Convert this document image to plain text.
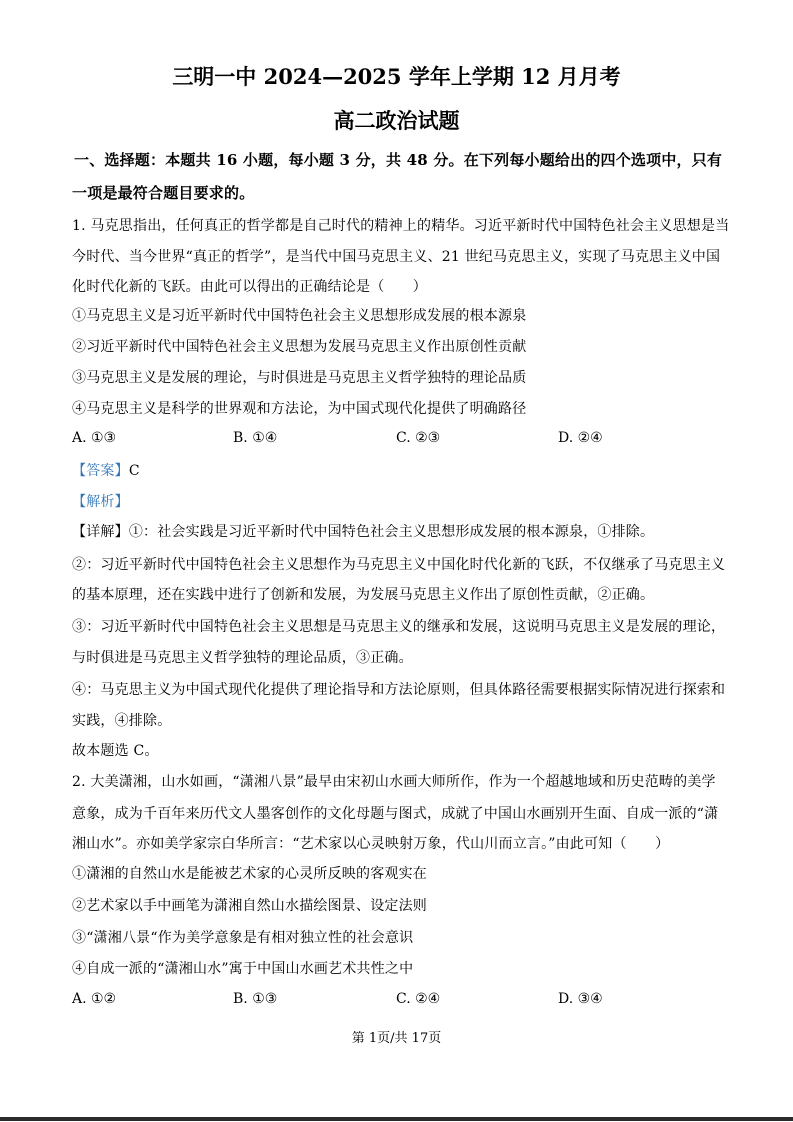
三明一中 2024—2025 学年上学期 12 月月考
高二政治试题
一、选择题：本题共 16 小题，每小题 3 分，共 48 分。在下列每小题给出的四个选项中，只有
一项是最符合题目要求的。
1. 马克思指出，任何真正的哲学都是自己时代的精神上的精华。习近平新时代中国特色社会主义思想是当
今时代、当今世界“真正的哲学”，是当代中国马克思主义、21 世纪马克思主义，实现了马克思主义中国
化时代化新的飞跃。由此可以得出的正确结论是（　　）
①马克思主义是习近平新时代中国特色社会主义思想形成发展的根本源泉
②习近平新时代中国特色社会主义思想为发展马克思主义作出原创性贡献
③马克思主义是发展的理论，与时俱进是马克思主义哲学独特的理论品质
④马克思主义是科学的世界观和方法论，为中国式现代化提供了明确路径
A. ①③	B. ①④	C. ②③	D. ②④
【答案】C
【解析】
【详解】①：社会实践是习近平新时代中国特色社会主义思想形成发展的根本源泉，①排除。
②：习近平新时代中国特色社会主义思想作为马克思主义中国化时代化新的飞跃，不仅继承了马克思主义
的基本原理，还在实践中进行了创新和发展，为发展马克思主义作出了原创性贡献，②正确。
③：习近平新时代中国特色社会主义思想是马克思主义的继承和发展，这说明马克思主义是发展的理论，
与时俱进是马克思主义哲学独特的理论品质，③正确。
④：马克思主义为中国式现代化提供了理论指导和方法论原则，但具体路径需要根据实际情况进行探索和
实践，④排除。
故本题选 C。
2. 大美潇湘，山水如画，“潇湘八景”最早由宋初山水画大师所作，作为一个超越地域和历史范畴的美学
意象，成为千百年来历代文人墨客创作的文化母题与图式，成就了中国山水画别开生面、自成一派的“潇
湘山水”。亦如美学家宗白华所言：“艺术家以心灵映射万象，代山川而立言。”由此可知（　　）
①潇湘的自然山水是能被艺术家的心灵所反映的客观实在
②艺术家以手中画笔为潇湘自然山水描绘图景、设定法则
③“潇湘八景“作为美学意象是有相对独立性的社会意识
④自成一派的“潇湘山水”寓于中国山水画艺术共性之中
A. ①②	B. ①③	C. ②④	D. ③④
第 1页/共 17页
